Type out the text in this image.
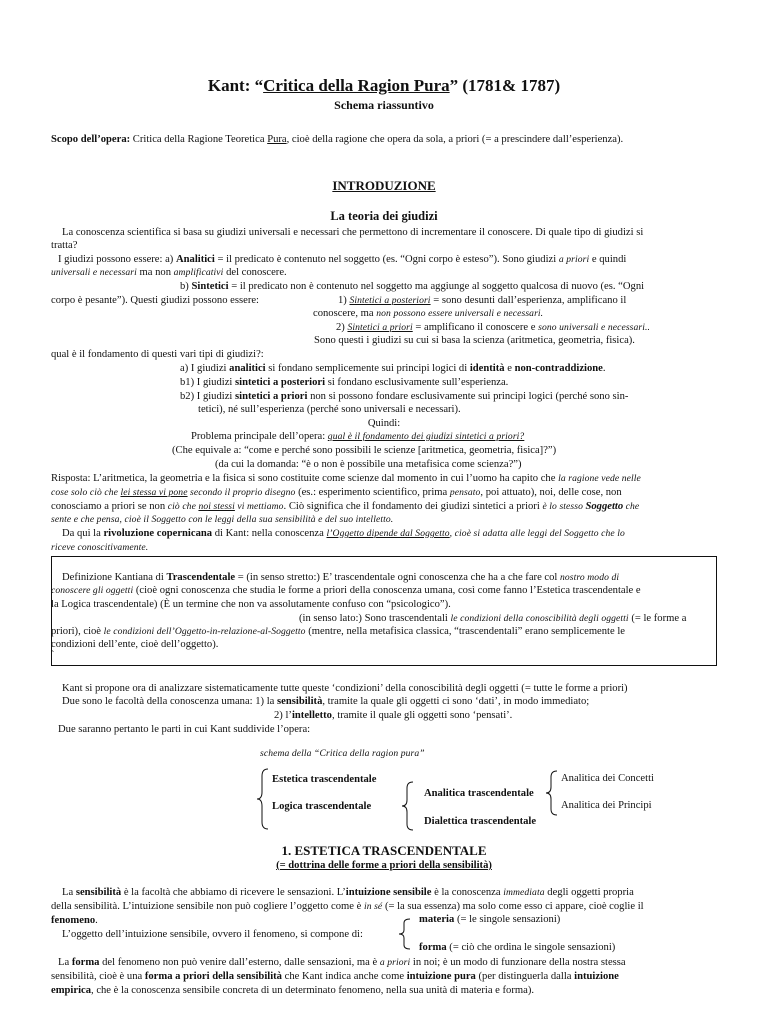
Kant: “Critica della Ragion Pura” (1781& 1787)
Schema riassuntivo
Scopo dell’opera: Critica della Ragione Teoretica Pura, cioè della ragione che opera da sola, a priori (= a prescindere dall’esperienza).
INTRODUZIONE
La teoria dei giudizi
La conoscenza scientifica si basa su giudizi universali e necessari che permettono di incrementare il conoscere. Di quale tipo di giudizi si
tratta?
I giudizi possono essere: a) Analitici = il predicato è contenuto nel soggetto (es. “Ogni corpo è esteso”). Sono giudizi a priori e quindi
universali e necessari ma non amplificativi del conoscere.
b) Sintetici = il predicato non è contenuto nel soggetto ma aggiunge al soggetto qualcosa di nuovo (es. “Ogni
corpo è pesante”). Questi giudizi possono essere:	1) Sintetici a posteriori = sono desunti dall’esperienza, amplificano il
conoscere, ma non possono essere universali e necessari.
2) Sintetici a priori = amplificano il conoscere e sono universali e necessari..
Sono questi i giudizi su cui si basa la scienza (aritmetica, geometria, fisica).
qual è il fondamento di questi vari tipi di giudizi?:
a) I giudizi analitici si fondano semplicemente sui principi logici di identità e non-contraddizione.
b1) I giudizi sintetici a posteriori si fondano esclusivamente sull’esperienza.
b2) I giudizi sintetici a priori non si possono fondare esclusivamente sui principi logici (perché sono sin-
tetici), né sull’esperienza (perché sono universali e necessari).
Quindi:
Problema principale dell’opera: qual è il fondamento dei giudizi sintetici a priori?
(Che equivale a: “come e perché sono possibili le scienze [aritmetica, geometria, fisica]?”)
(da cui la domanda: “è o non è possibile una metafisica come scienza?”)
Risposta: L’aritmetica, la geometria e la fisica si sono costituite come scienze dal momento in cui l’uomo ha capito che la ragione vede nelle
cose solo ciò che lei stessa vi pone secondo il proprio disegno (es.: esperimento scientifico, prima pensato, poi attuato), noi, delle cose, non
conosciamo a priori se non ciò che noi stessi vi mettiamo. Ciò significa che il fondamento dei giudizi sintetici a priori è lo stesso Soggetto che
sente e che pensa, cioè il Soggetto con le leggi della sua sensibilità e del suo intelletto.
Da qui la rivoluzione copernicana di Kant: nella conoscenza l’Oggetto dipende dal Soggetto, cioè si adatta alle leggi del Soggetto che lo
riceve conoscitivamente.
Definizione Kantiana di Trascendentale = (in senso stretto:) E’ trascendentale ogni conoscenza che ha a che fare col nostro modo di
conoscere gli oggetti (cioè ogni conoscenza che studia le forme a priori della conoscenza umana, così come fanno l’Estetica trascendentale e
la Logica trascendentale) (È un termine che non va assolutamente confuso con “psicologico”).
(in senso lato:) Sono trascendentali le condizioni della conoscibilità degli oggetti (= le forme a
priori), cioè le condizioni dell’Oggetto-in-relazione-al-Soggetto (mentre, nella metafisica classica, “trascendentali” erano semplicemente le
condizioni dell’ente, cioè dell’oggetto).
`
Kant si propone ora di analizzare sistematicamente tutte queste ‘condizioni’ della conoscibilità degli oggetti (= tutte le forme a priori)
Due sono le facoltà della conoscenza umana: 1) la sensibilità, tramite la quale gli oggetti ci sono ‘dati’, in modo immediato;
2) l’intelletto, tramite il quale gli oggetti sono ‘pensati’.
Due saranno pertanto le parti in cui Kant suddivide l’opera:
schema della “Critica della ragion pura”
Estetica trascendentale
Logica trascendentale
Analitica trascendentale
Dialettica trascendentale
Analitica dei Concetti
Analitica dei Principi
1. ESTETICA TRASCENDENTALE
(= dottrina delle forme a priori della sensibilità)
La sensibilità è la facoltà che abbiamo di ricevere le sensazioni. L’intuizione sensibile è la conoscenza immediata degli oggetti propria
della sensibilità. L’intuizione sensibile non può cogliere l’oggetto come è in sé (= la sua essenza) ma solo come esso ci appare, cioè coglie il
fenomeno.	materia (= le singole sensazioni)
L’oggetto dell’intuizione sensibile, ovvero il fenomeno, si compone di:
forma (= ciò che ordina le singole sensazioni)
La forma del fenomeno non può venire dall’esterno, dalle sensazioni, ma è a priori in noi; è un modo di funzionare della nostra stessa
sensibilità, cioè è una forma a priori della sensibilità che Kant indica anche come intuizione pura (per distinguerla dalla intuizione
empirica, che è la conoscenza sensibile concreta di un determinato fenomeno, nella sua unità di materia e forma).
